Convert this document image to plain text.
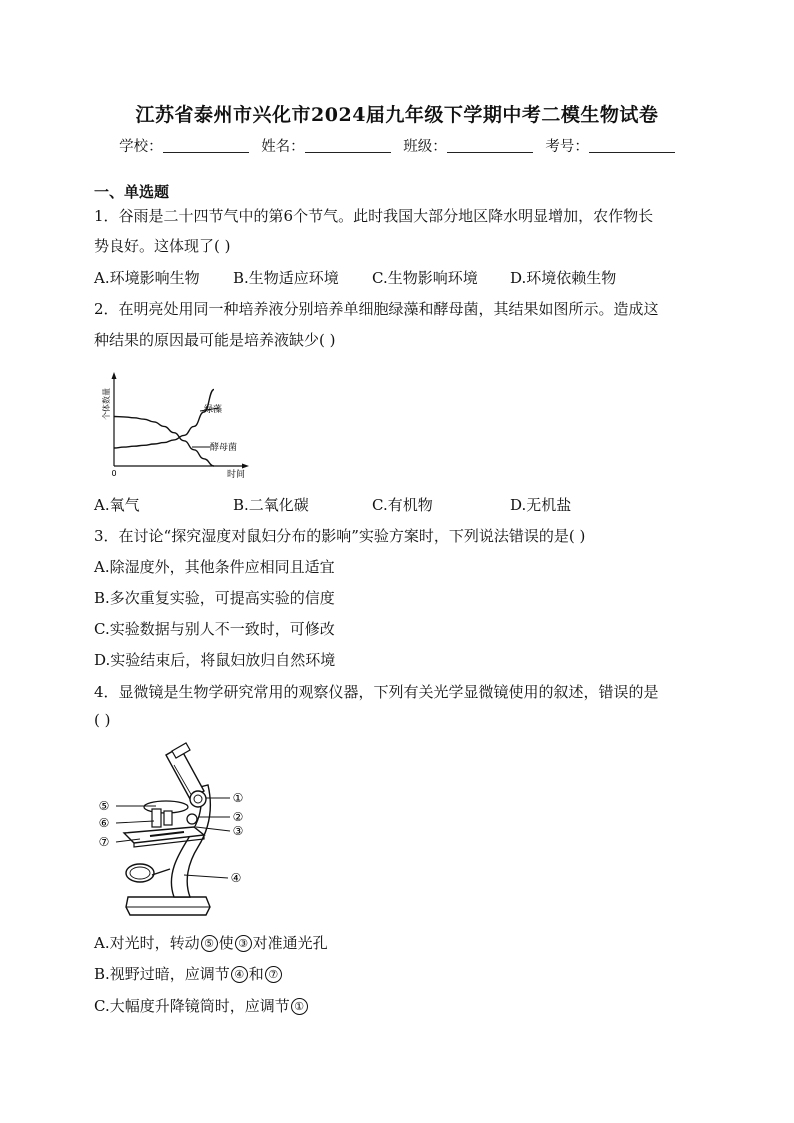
江苏省泰州市兴化市2024届九年级下学期中考二模生物试卷
学校：	姓名：	班级：	考号：
一、单选题
1．谷雨是二十四节气中的第6个节气。此时我国大部分地区降水明显增加，农作物长
势良好。这体现了( )
A.环境影响生物 B.生物适应环境 C.生物影响环境 D.环境依赖生物
2．在明亮处用同一种培养液分别培养单细胞绿藻和酵母菌，其结果如图所示。造成这
种结果的原因最可能是培养液缺少( )
个体数量
0	时间
绿藻
酵母菌
A.氧气	B.二氧化碳	C.有机物	D.无机盐
3．在讨论“探究湿度对鼠妇分布的影响”实验方案时，下列说法错误的是( )
A.除湿度外，其他条件应相同且适宜
B.多次重复实验，可提高实验的信度
C.实验数据与别人不一致时，可修改
D.实验结束后，将鼠妇放归自然环境
4．显微镜是生物学研究常用的观察仪器，下列有关光学显微镜使用的叙述，错误的是
( )
①
②
③
④
⑤
⑥
⑦
A.对光时，转动 ⑤ 使 ③ 对准通光孔
B.视野过暗，应调节 ④ 和 ⑦
C.大幅度升降镜筒时，应调节 ①
